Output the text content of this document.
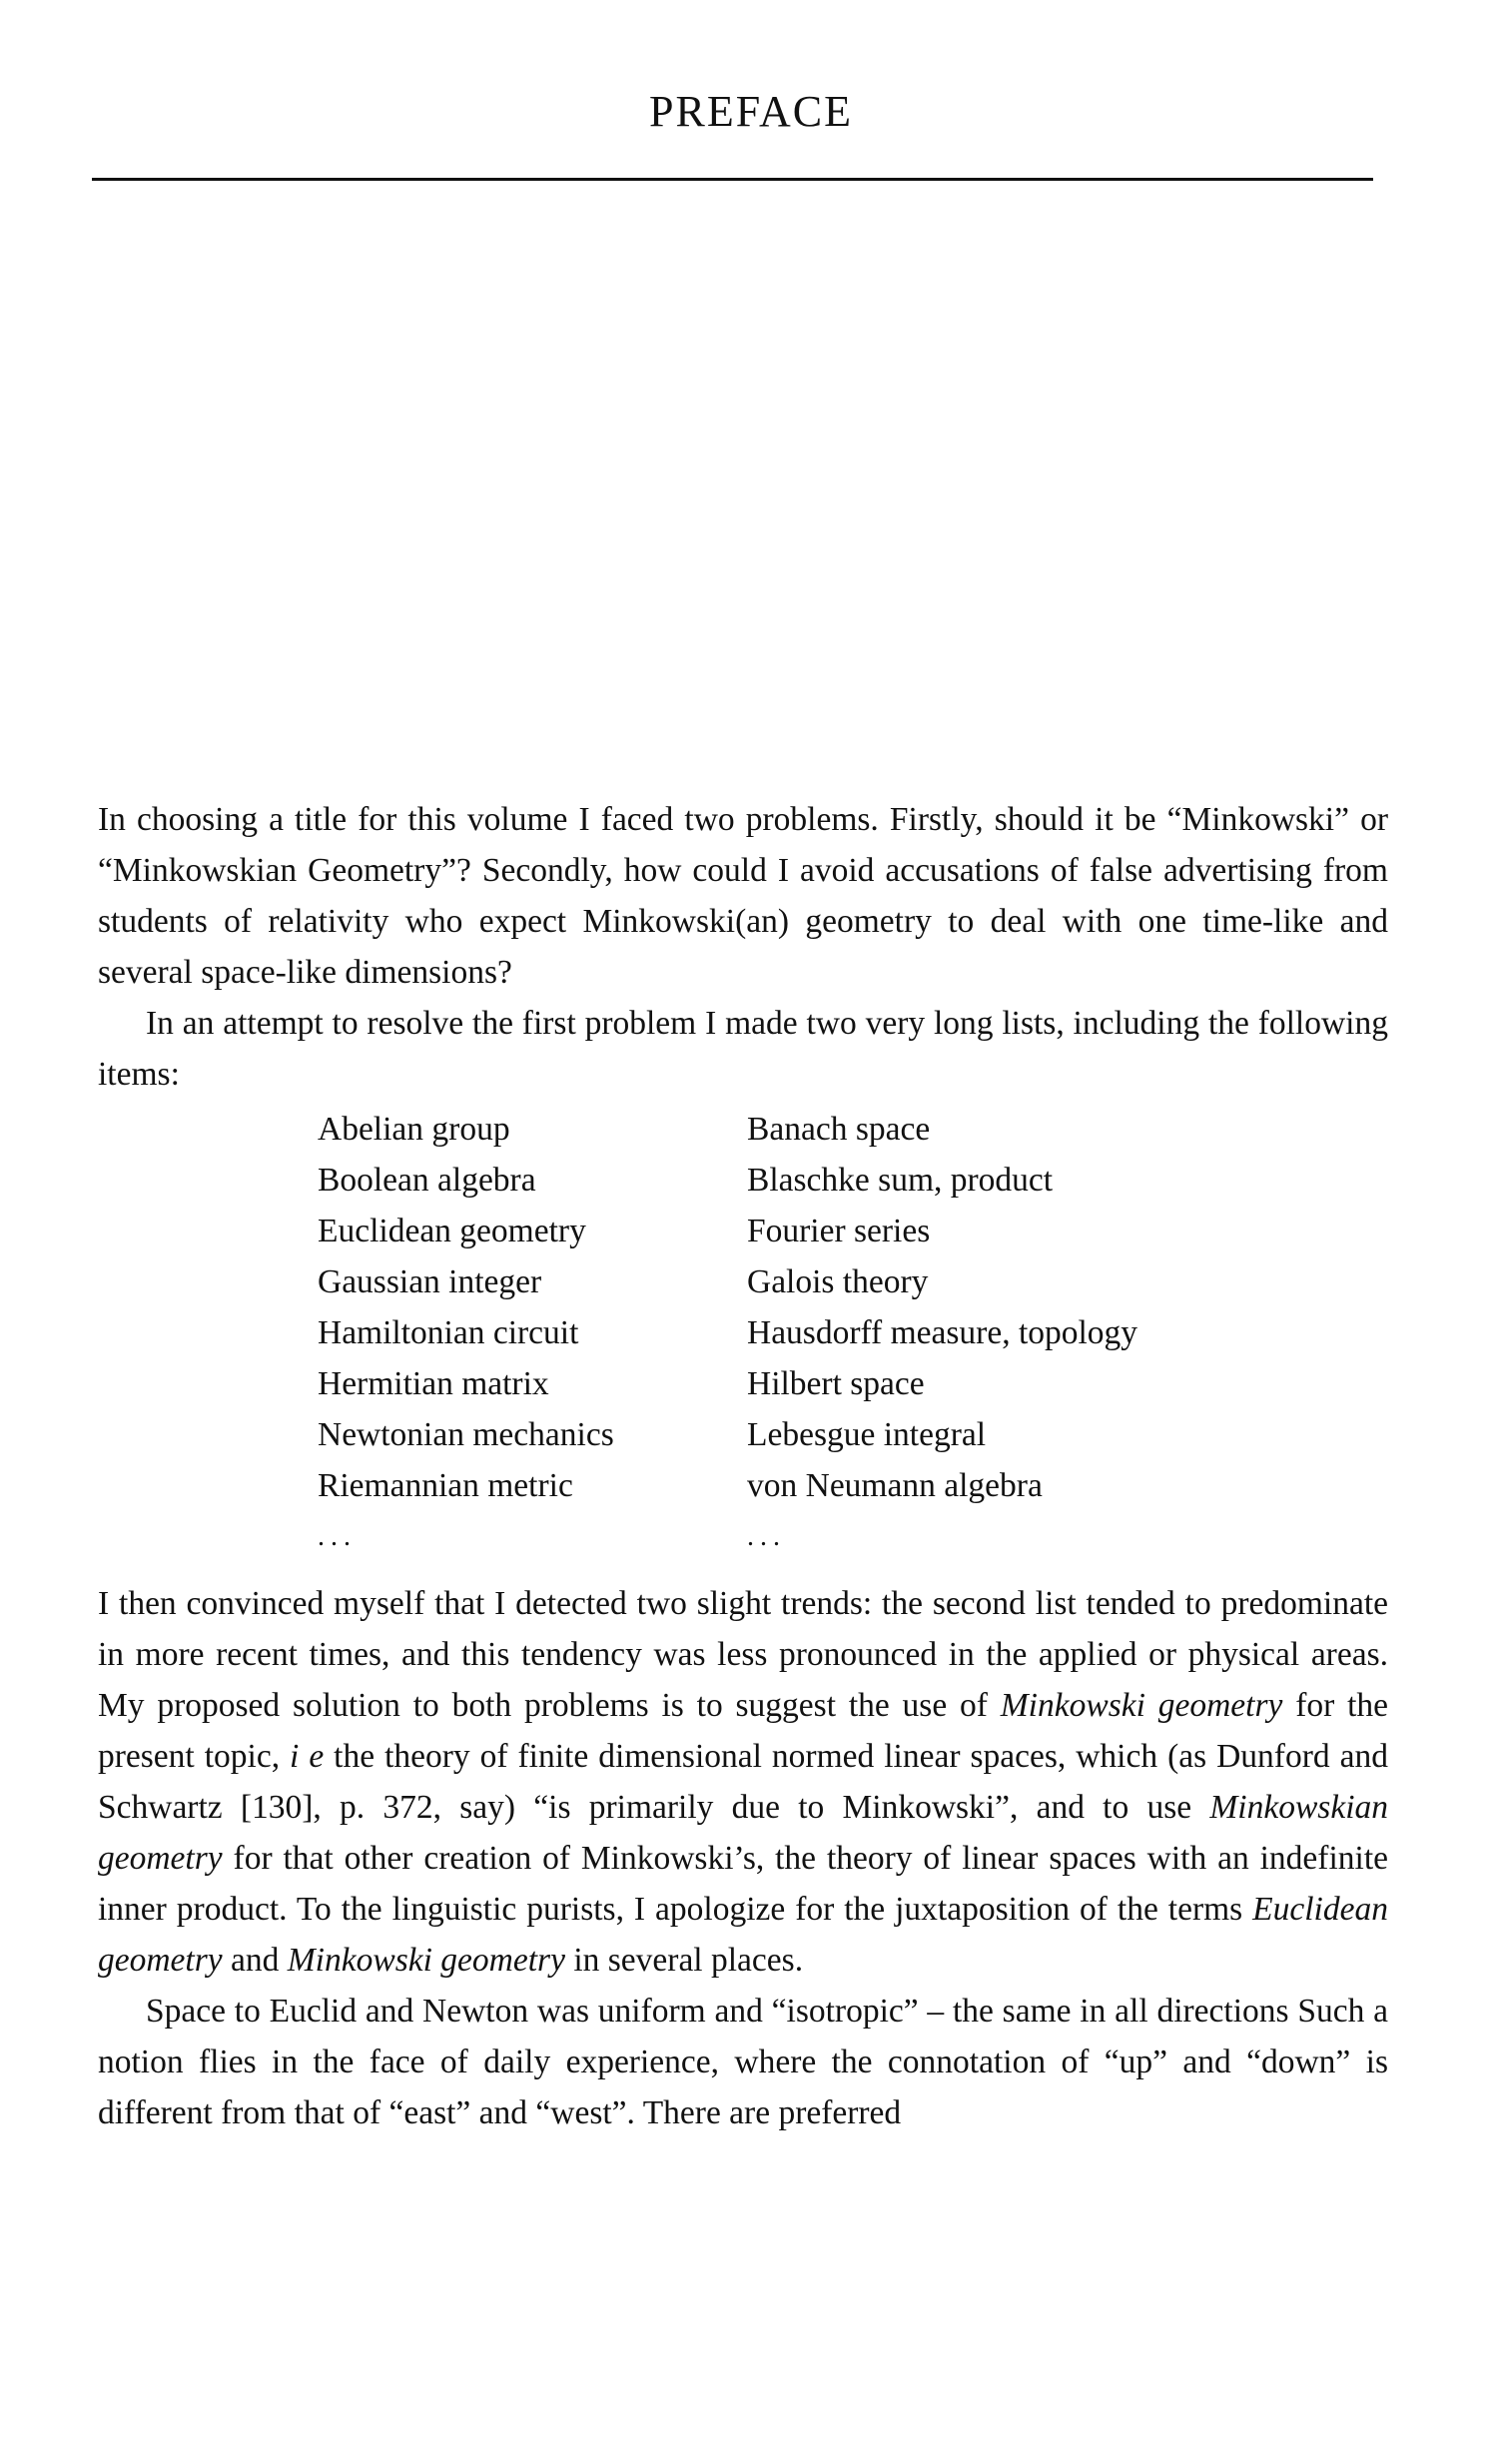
PREFACE

In choosing a title for this volume I faced two problems. Firstly, should it be “Minkowski” or “Minkowskian Geometry”? Secondly, how could I avoid accusations of false advertising from students of relativity who expect Minkowski(an) geometry to deal with one time-like and several space-like dimensions?

In an attempt to resolve the first problem I made two very long lists, including the following items:

Abelian group	Banach space
Boolean algebra	Blaschke sum, product
Euclidean geometry	Fourier series
Gaussian integer	Galois theory
Hamiltonian circuit	Hausdorff measure, topology
Hermitian matrix	Hilbert space
Newtonian mechanics	Lebesgue integral
Riemannian metric	von Neumann algebra
...	...

I then convinced myself that I detected two slight trends: the second list tended to predominate in more recent times, and this tendency was less pronounced in the applied or physical areas. My proposed solution to both problems is to suggest the use of Minkowski geometry for the present topic, i e the theory of finite dimensional normed linear spaces, which (as Dunford and Schwartz [130], p. 372, say) “is primarily due to Minkowski”, and to use Minkowskian geometry for that other creation of Minkowski’s, the theory of linear spaces with an indefinite inner product. To the linguistic purists, I apologize for the juxtaposition of the terms Euclidean geometry and Minkowski geometry in several places.

Space to Euclid and Newton was uniform and “isotropic” – the same in all directions Such a notion flies in the face of daily experience, where the connotation of “up” and “down” is different from that of “east” and “west”. There are preferred
